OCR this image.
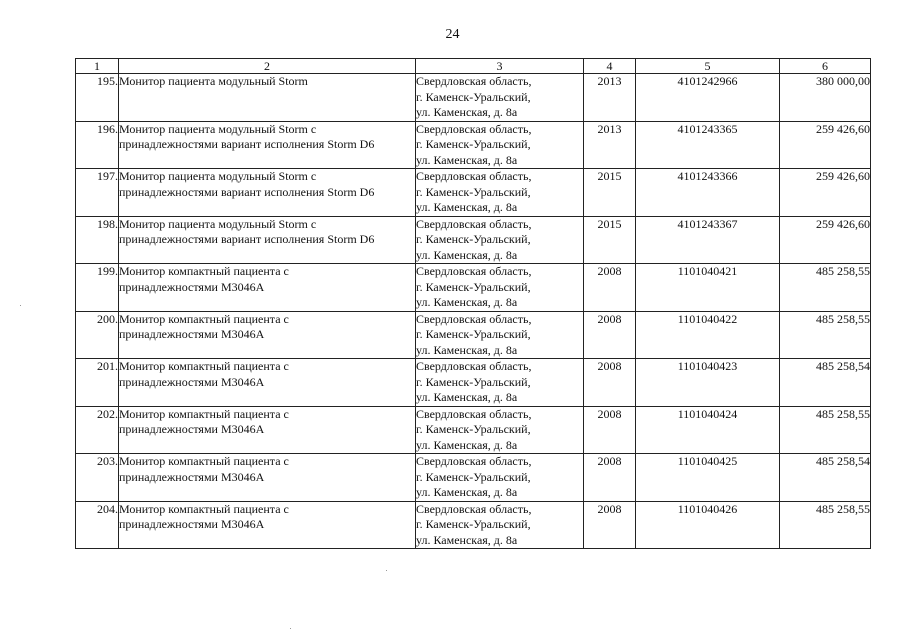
24
1	2	3	4	5	6
195.	Монитор пациента модульный Storm	Свердловская область,
г. Каменск-Уральский,
ул. Каменская, д. 8а	2013	4101242966	380 000,00
196.	Монитор пациента модульный Storm с
принадлежностями вариант исполнения Storm D6	Свердловская область,
г. Каменск-Уральский,
ул. Каменская, д. 8а	2013	4101243365	259 426,60
197.	Монитор пациента модульный Storm с
принадлежностями вариант исполнения Storm D6	Свердловская область,
г. Каменск-Уральский,
ул. Каменская, д. 8а	2015	4101243366	259 426,60
198.	Монитор пациента модульный Storm с
принадлежностями вариант исполнения Storm D6	Свердловская область,
г. Каменск-Уральский,
ул. Каменская, д. 8а	2015	4101243367	259 426,60
199.	Монитор компактный пациента с
принадлежностями М3046А	Свердловская область,
г. Каменск-Уральский,
ул. Каменская, д. 8а	2008	1101040421	485 258,55
200.	Монитор компактный пациента с
принадлежностями М3046А	Свердловская область,
г. Каменск-Уральский,
ул. Каменская, д. 8а	2008	1101040422	485 258,55
201.	Монитор компактный пациента с
принадлежностями М3046А	Свердловская область,
г. Каменск-Уральский,
ул. Каменская, д. 8а	2008	1101040423	485 258,54
202.	Монитор компактный пациента с
принадлежностями М3046А	Свердловская область,
г. Каменск-Уральский,
ул. Каменская, д. 8а	2008	1101040424	485 258,55
203.	Монитор компактный пациента с
принадлежностями М3046А	Свердловская область,
г. Каменск-Уральский,
ул. Каменская, д. 8а	2008	1101040425	485 258,54
204.	Монитор компактный пациента с
принадлежностями М3046А	Свердловская область,
г. Каменск-Уральский,
ул. Каменская, д. 8а	2008	1101040426	485 258,55
